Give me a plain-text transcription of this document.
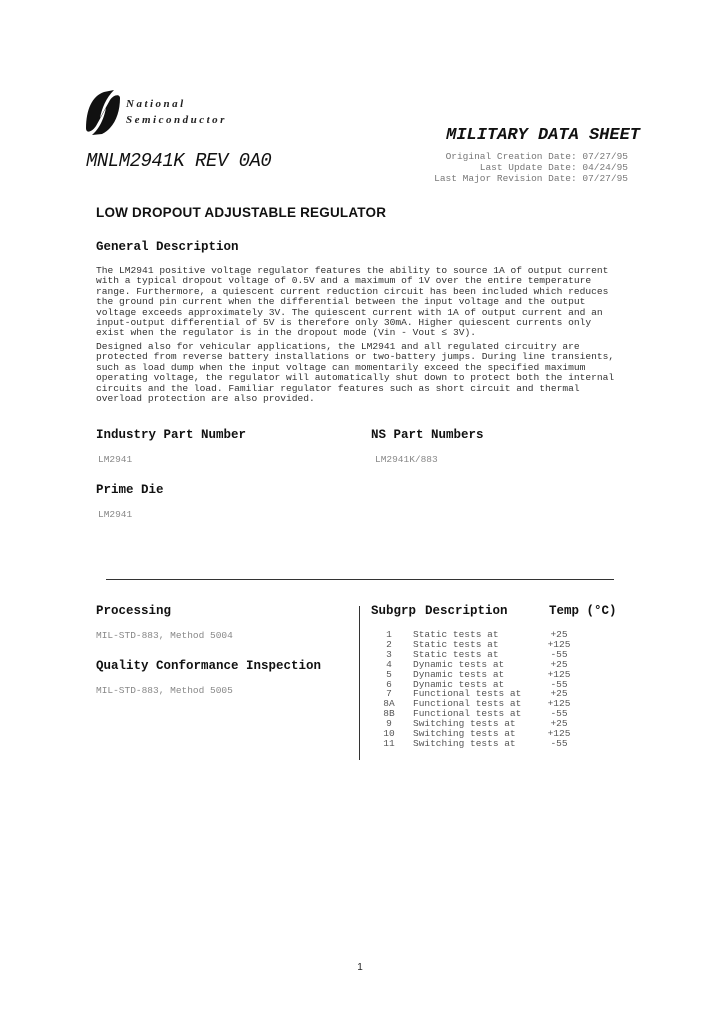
National
Semiconductor
MILITARY DATA SHEET
MNLM2941K REV 0A0	Original Creation Date: 07/27/95
Last Update Date: 04/24/95
Last Major Revision Date: 07/27/95
LOW DROPOUT ADJUSTABLE REGULATOR
General Description
The LM2941 positive voltage regulator features the ability to source 1A of output current with a typical dropout voltage of 0.5V and a maximum of 1V over the entire temperature range. Furthermore, a quiescent current reduction circuit has been included which reduces the ground pin current when the differential between the input voltage and the output voltage exceeds approximately 3V. The quiescent current with 1A of output current and an input-output differential of 5V is therefore only 30mA. Higher quiescent currents only exist when the regulator is in the dropout mode (Vin - Vout ≤ 3V).
Designed also for vehicular applications, the LM2941 and all regulated circuitry are protected from reverse battery installations or two-battery jumps. During line transients, such as load dump when the input voltage can momentarily exceed the specified maximum operating voltage, the regulator will automatically shut down to protect both the internal circuits and the load. Familiar regulator features such as short circuit and thermal overload protection are also provided.
Industry Part Number
LM2941
NS Part Numbers
LM2941K/883
Prime Die
LM2941
Processing
MIL-STD-883, Method 5004
Quality Conformance Inspection
MIL-STD-883, Method 5005
Subgrp Description	Temp (°C)
1	Static tests at	+25
2	Static tests at	+125
3	Static tests at	-55
4	Dynamic tests at	+25
5	Dynamic tests at	+125
6	Dynamic tests at	-55
7	Functional tests at	+25
8A	Functional tests at	+125
8B	Functional tests at	-55
9	Switching tests at	+25
10	Switching tests at	+125
11	Switching tests at	-55
1
